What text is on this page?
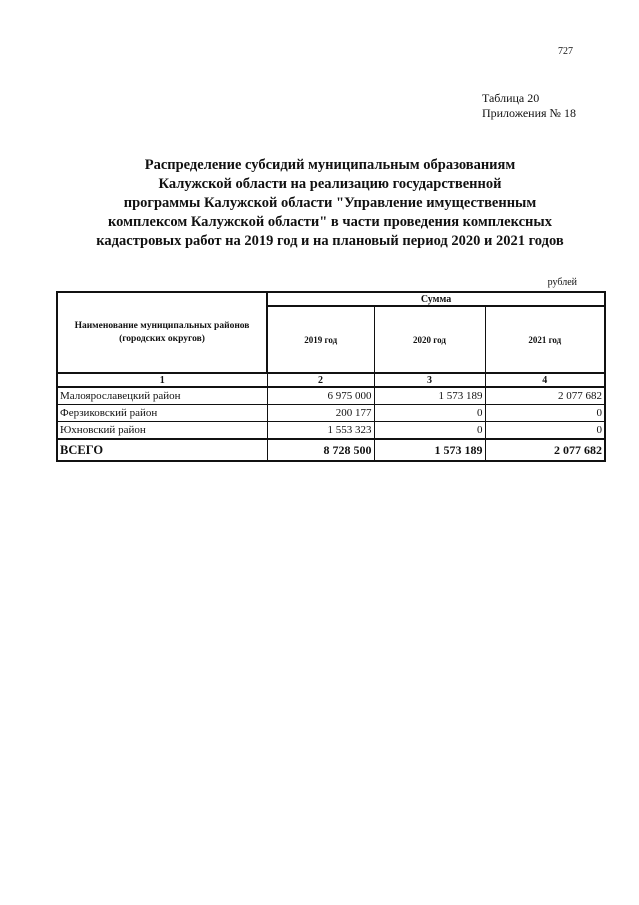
727
Таблица 20
Приложения № 18
Распределение субсидий муниципальным образованиям
Калужской области на реализацию государственной
программы Калужской области "Управление имущественным
комплексом Калужской области" в части проведения комплексных
кадастровых работ на 2019 год и на плановый период 2020 и 2021 годов
рублей
Наименование муниципальных районов (городских округов)	Сумма		
	2019 год	2020 год	2021 год
1	2	3	4
Малоярославецкий район	6 975 000	1 573 189	2 077 682
Ферзиковский район	200 177	0	0
Юхновский район	1 553 323	0	0
ВСЕГО	8 728 500	1 573 189	2 077 682
